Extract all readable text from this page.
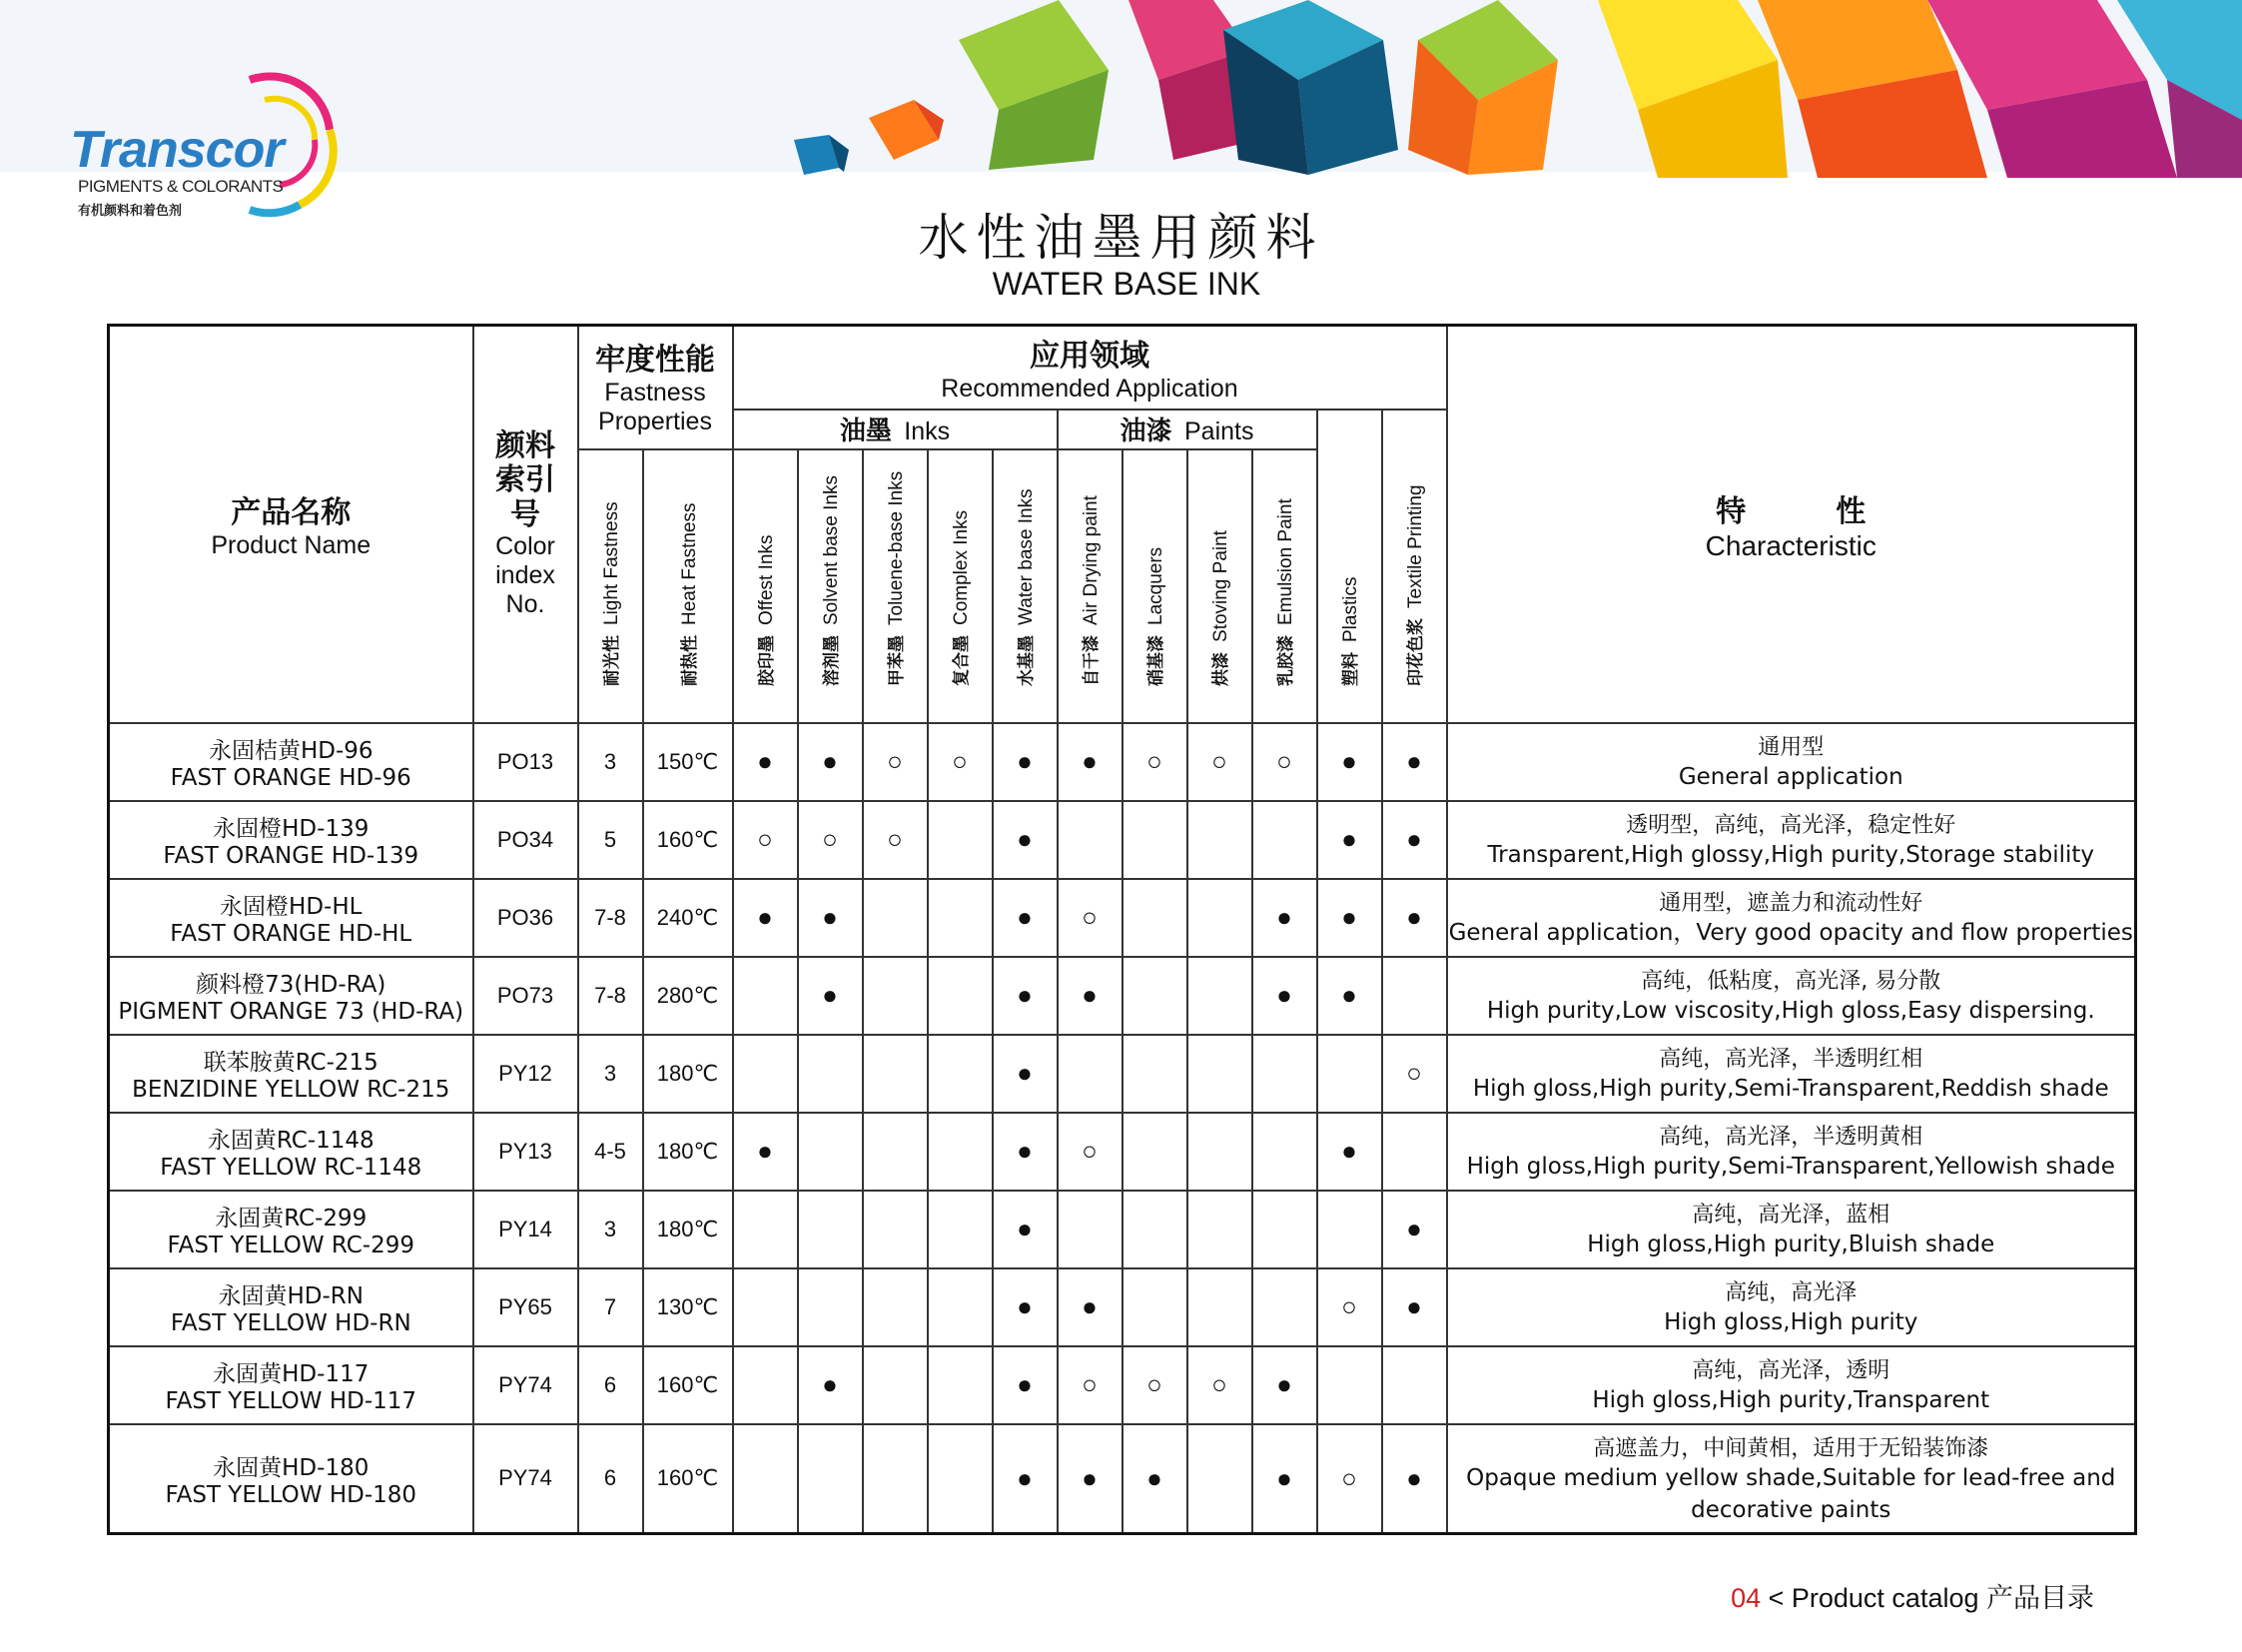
Transcor
PIGMENTS & COLORANTS
有机颜料和着色剂	水性油墨用颜料
WATER BASE INK
产品名称
Product Name	颜料索引号
Color
index
No.	牢度性能
Fastness
Properties		应用领域
Recommended Application											特　　　性
Characteristic

				油墨 Inks					油漆 Paints				塑料Plastics	印花色浆Textile Printing	

		耐光性Light Fastness	耐热性Heat Fastness	胶印墨Offest Inks	溶剂墨Solvent base Inks	甲苯墨Toluene-base Inks	复合墨Complex Inks	水基墨Water base Inks	自干漆Air Drying paint	硝基漆Lacquers	烘漆Stoving Paint	乳胶漆Emulsion Paint			

永固桔黄HD-96
FAST ORANGE HD-96	PO13	3	150℃	●	●	○	○	●	●	○	○	○	●	●	通用型
General application

永固橙HD-139
FAST ORANGE HD-139	PO34	5	160℃	○	○	○		●					●	●	透明型，高纯，高光泽，稳定性好
Transparent,High glossy,High purity,Storage stability

永固橙HD-HL
FAST ORANGE HD-HL	PO36	7-8	240℃	●	●			●	○			●	●	●	通用型，遮盖力和流动性好
General application，Very good opacity and flow properties

颜料橙73(HD-RA)
PIGMENT ORANGE 73 (HD-RA)	PO73	7-8	280℃		●			●	●			●	●		高纯，低粘度，高光泽, 易分散
High purity,Low viscosity,High gloss,Easy dispersing.

联苯胺黄RC-215
BENZIDINE YELLOW RC-215	PY12	3	180℃					●						○	高纯，高光泽，半透明红相
High gloss,High purity,Semi-Transparent,Reddish shade

永固黄RC-1148
FAST YELLOW RC-1148	PY13	4-5	180℃	●				●	○				●		高纯，高光泽，半透明黄相
High gloss,High purity,Semi-Transparent,Yellowish shade

永固黄RC-299
FAST YELLOW RC-299	PY14	3	180℃					●						●	高纯，高光泽，蓝相
High gloss,High purity,Bluish shade

永固黄HD-RN
FAST YELLOW HD-RN	PY65	7	130℃					●	●				○	●	高纯，高光泽
High gloss,High purity

永固黄HD-117
FAST YELLOW HD-117	PY74	6	160℃		●			●	○	○	○	●			高纯，高光泽，透明
High gloss,High purity,Transparent

永固黄HD-180
FAST YELLOW HD-180	PY74	6	160℃					●	●	●		●	○	●	高遮盖力，中间黄相，适用于无铅装饰漆
Opaque medium yellow shade,Suitable for lead-free and
decorative paints
04 < Product catalog 产品目录
